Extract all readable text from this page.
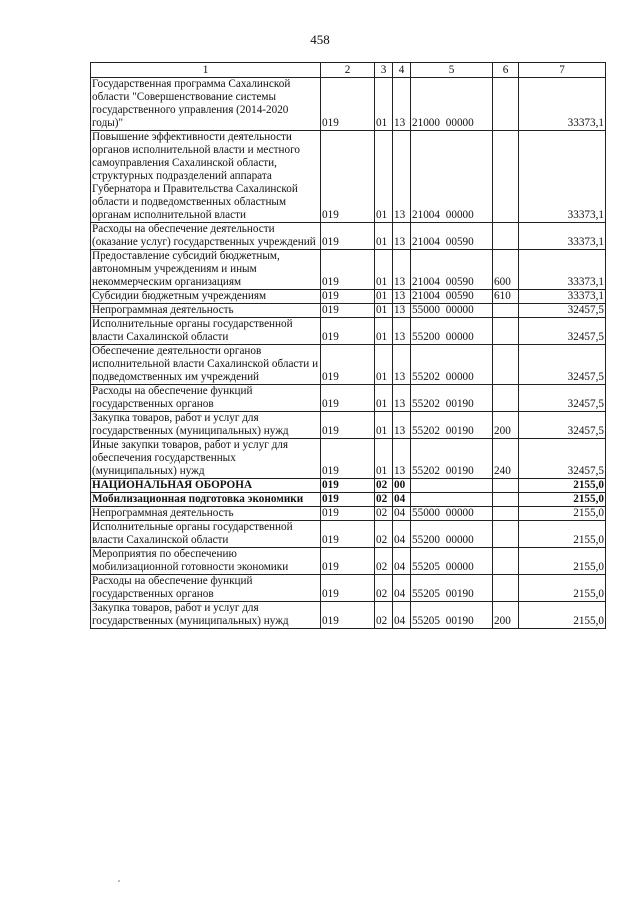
458
1	2	3	4	5	6	7
Государственная программа Сахалинской области "Совершенствование системы государственного управления (2014-2020 годы)"	019	01	13	21000 00000		33373,1
Повышение эффективности деятельности органов исполнительной власти и местного самоуправления Сахалинской области, структурных подразделений аппарата Губернатора и Правительства Сахалинской области и подведомственных областным органам исполнительной власти	019	01	13	21004 00000		33373,1
Расходы на обеспечение деятельности (оказание услуг) государственных учреждений	019	01	13	21004 00590		33373,1
Предоставление субсидий бюджетным, автономным учреждениям и иным некоммерческим организациям	019	01	13	21004 00590	600	33373,1
Субсидии бюджетным учреждениям	019	01	13	21004 00590	610	33373,1
Непрограммная деятельность	019	01	13	55000 00000		32457,5
Исполнительные органы государственной власти Сахалинской области	019	01	13	55200 00000		32457,5
Обеспечение деятельности органов исполнительной власти Сахалинской области и подведомственных им учреждений	019	01	13	55202 00000		32457,5
Расходы на обеспечение функций государственных органов	019	01	13	55202 00190		32457,5
Закупка товаров, работ и услуг для государственных (муниципальных) нужд	019	01	13	55202 00190	200	32457,5
Иные закупки товаров, работ и услуг для обеспечения государственных (муниципальных) нужд	019	01	13	55202 00190	240	32457,5
НАЦИОНАЛЬНАЯ ОБОРОНА	019	02	00			2155,0
Мобилизационная подготовка экономики	019	02	04			2155,0
Непрограммная деятельность	019	02	04	55000 00000		2155,0
Исполнительные органы государственной власти Сахалинской области	019	02	04	55200 00000		2155,0
Мероприятия по обеспечению мобилизационной готовности экономики	019	02	04	55205 00000		2155,0
Расходы на обеспечение функций государственных органов	019	02	04	55205 00190		2155,0
Закупка товаров, работ и услуг для государственных (муниципальных) нужд	019	02	04	55205 00190	200	2155,0
